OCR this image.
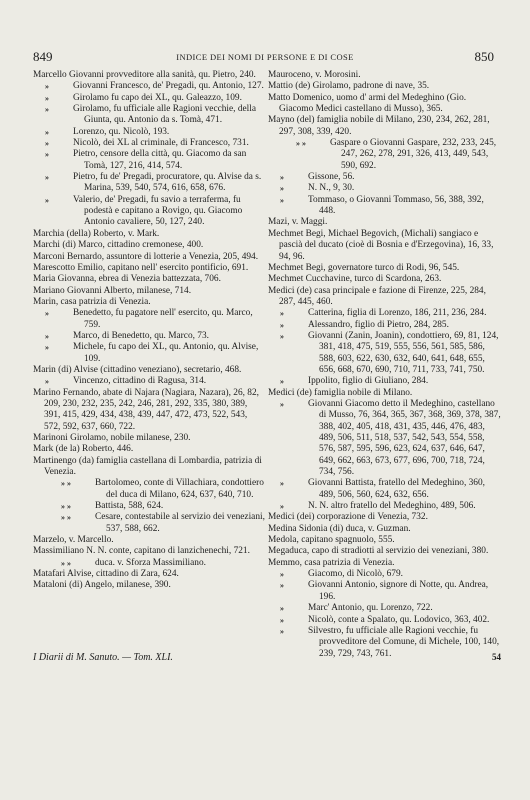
849	INDICE DEI NOMI DI PERSONE E DI COSE	850
Marcello Giovanni provveditore alla sanità, qu. Pietro, 240.
»	Giovanni Francesco, de' Pregadi, qu. Antonio, 127.
»	Girolamo fu capo dei XL, qu. Galeazzo, 109.
»	Girolamo, fu ufficiale alle Ragioni vecchie, della Giunta, qu. Antonio da s. Tomà, 471.
»	Lorenzo, qu. Nicolò, 193.
»	Nicolò, dei XL al criminale, di Francesco, 731.
»	Pietro, censore della città, qu. Giacomo da san Tomà, 127, 216, 414, 574.
»	Pietro, fu de' Pregadi, procuratore, qu. Alvise da s. Marina, 539, 540, 574, 616, 658, 676.
»	Valerio, de' Pregadi, fu savio a terraferma, fu podestà e capitano a Rovigo, qu. Giacomo Antonio cavaliere, 50, 127, 240.
Marchia (della) Roberto, v. Mark.
Marchi (di) Marco, cittadino cremonese, 400.
Marconi Bernardo, assuntore di lotterie a Venezia, 205, 494.
Marescotto Emilio, capitano nell' esercito pontificio, 691.
Maria Giovanna, ebrea di Venezia battezzata, 706.
Mariano Giovanni Alberto, milanese, 714.
Marin, casa patrizia di Venezia.
»	Benedetto, fu pagatore nell' esercito, qu. Marco, 759.
»	Marco, di Benedetto, qu. Marco, 73.
»	Michele, fu capo dei XL, qu. Antonio, qu. Alvise, 109.
Marin (di) Alvise (cittadino veneziano), secretario, 468.
»	Vincenzo, cittadino di Ragusa, 314.
Marino Fernando, abate di Najara (Nagiara, Nazara), 26, 82, 209, 230, 232, 235, 242, 246, 281, 292, 335, 380, 389, 391, 415, 429, 434, 438, 439, 447, 472, 473, 522, 543, 572, 592, 637, 660, 722.
Marinoni Girolamo, nobile milanese, 230.
Mark (de la) Roberto, 446.
Martinengo (da) famiglia castellana di Lombardia, patrizia di Venezia.
» »	Bartolomeo, conte di Villachiara, condottiero del duca di Milano, 624, 637, 640, 710.
» »	Battista, 588, 624.
» »	Cesare, contestabile al servizio dei veneziani, 537, 588, 662.
Marzelo, v. Marcello.
Massimiliano N. N. conte, capitano di lanzichenechi, 721.
» »	duca. v. Sforza Massimiliano.
Matafari Alvise, cittadino di Zara, 624.
Mataloni (di) Angelo, milanese, 390.
Mauroceno, v. Morosini.
Mattio (de) Girolamo, padrone di nave, 35.
Matto Domenico, uomo d' armi del Medeghino (Gio. Giacomo Medici castellano di Musso), 365.
Mayno (del) famiglia nobile di Milano, 230, 234, 262, 281, 297, 308, 339, 420.
» »	Gaspare o Giovanni Gaspare, 232, 233, 245, 247, 262, 278, 291, 326, 413, 449, 543, 590, 692.
»	Gissone, 56.
»	N. N., 9, 30.
»	Tommaso, o Giovanni Tommaso, 56, 388, 392, 448.
Mazi, v. Maggi.
Mechmet Begi, Michael Begovich, (Michali) sangiaco e pascià del ducato (cioè di Bosnia e d'Erzegovina), 16, 33, 94, 96.
Mechmet Begi, governatore turco di Rodi, 96, 545.
Mechmet Cucchavine, turco di Scardona, 263.
Medici (de) casa principale e fazione di Firenze, 225, 284, 287, 445, 460.
»	Catterina, figlia di Lorenzo, 186, 211, 236, 284.
»	Alessandro, figlio di Pietro, 284, 285.
»	Giovanni (Zanin, Joanin), condottiero, 69, 81, 124, 381, 418, 475, 519, 555, 556, 561, 585, 586, 588, 603, 622, 630, 632, 640, 641, 648, 655, 656, 668, 670, 690, 710, 711, 733, 741, 750.
»	Ippolito, figlio di Giuliano, 284.
Medici (de) famiglia nobile di Milano.
»	Giovanni Giacomo detto il Medeghino, castellano di Musso, 76, 364, 365, 367, 368, 369, 378, 387, 388, 402, 405, 418, 431, 435, 446, 476, 483, 489, 506, 511, 518, 537, 542, 543, 554, 558, 576, 587, 595, 596, 623, 624, 637, 646, 647, 649, 662, 663, 673, 677, 696, 700, 718, 724, 734, 756.
»	Giovanni Battista, fratello del Medeghino, 360, 489, 506, 560, 624, 632, 656.
»	N. N. altro fratello del Medeghino, 489, 506.
Medici (dei) corporazione di Venezia, 732.
Medina Sidonia (di) duca, v. Guzman.
Medola, capitano spagnuolo, 555.
Megaduca, capo di stradiotti al servizio dei veneziani, 380.
Memmo, casa patrizia di Venezia.
»	Giacomo, di Nicolò, 679.
»	Giovanni Antonio, signore di Notte, qu. Andrea, 196.
»	Marc' Antonio, qu. Lorenzo, 722.
»	Nicolò, conte a Spalato, qu. Lodovico, 363, 402.
»	Silvestro, fu ufficiale alle Ragioni vecchie, fu provveditore del Comune, di Michele, 100, 140, 239, 729, 743, 761.
I Diarii di M. Sanuto. — Tom. XLI.	54
